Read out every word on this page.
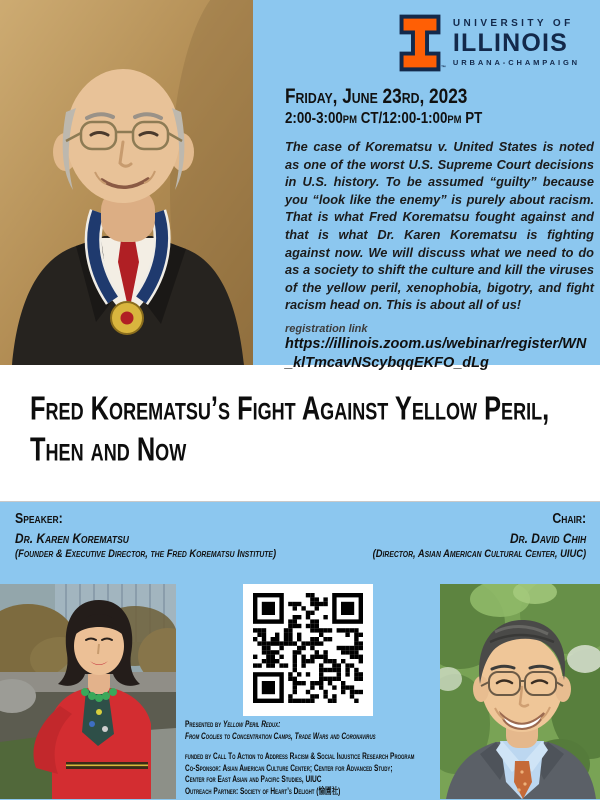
™
UNIVERSITY OF
ILLINOIS
URBANA-CHAMPAIGN
Friday, June 23rd, 2023
2:00-3:00pm CT/12:00-1:00pm PT
The case of Korematsu v. United States is noted as one of the worst U.S. Supreme Court decisions in U.S. history. To be assumed “guilty” because you “look like the enemy” is purely about racism. That is what Fred Korematsu fought against and that is what Dr. Karen Korematsu is fighting against now. We will discuss what we need to do as a society to shift the culture and kill the viruses of the yellow peril, xenophobia, bigotry, and fight racism head on. This is about all of us!
registration link
https://illinois.zoom.us/webinar/register/WN_klTmcavNScybqqEKFO_dLg
Fred Korematsu’s Fight Against Yellow Peril,
Then and Now
Speaker:
Dr. Karen Korematsu
(Founder & Executive Director, the Fred Korematsu Institute)
Chair:
Dr. David Chih
(Director, Asian American Cultural Center, UIUC)
Presented by Yellow Peril Redux:
From Coolies to Concentration Camps, Trade Wars and Coronavirus
funded by Call To Action to Address Racism & Social Injustice Research Program
Co-Sponsor: Asian American Culture Center; Center for Advanced Study;
Center for East Asian and Pacific Studies, UIUC
Outreach Partner: Society of Heart’s Delight (愉園社)
